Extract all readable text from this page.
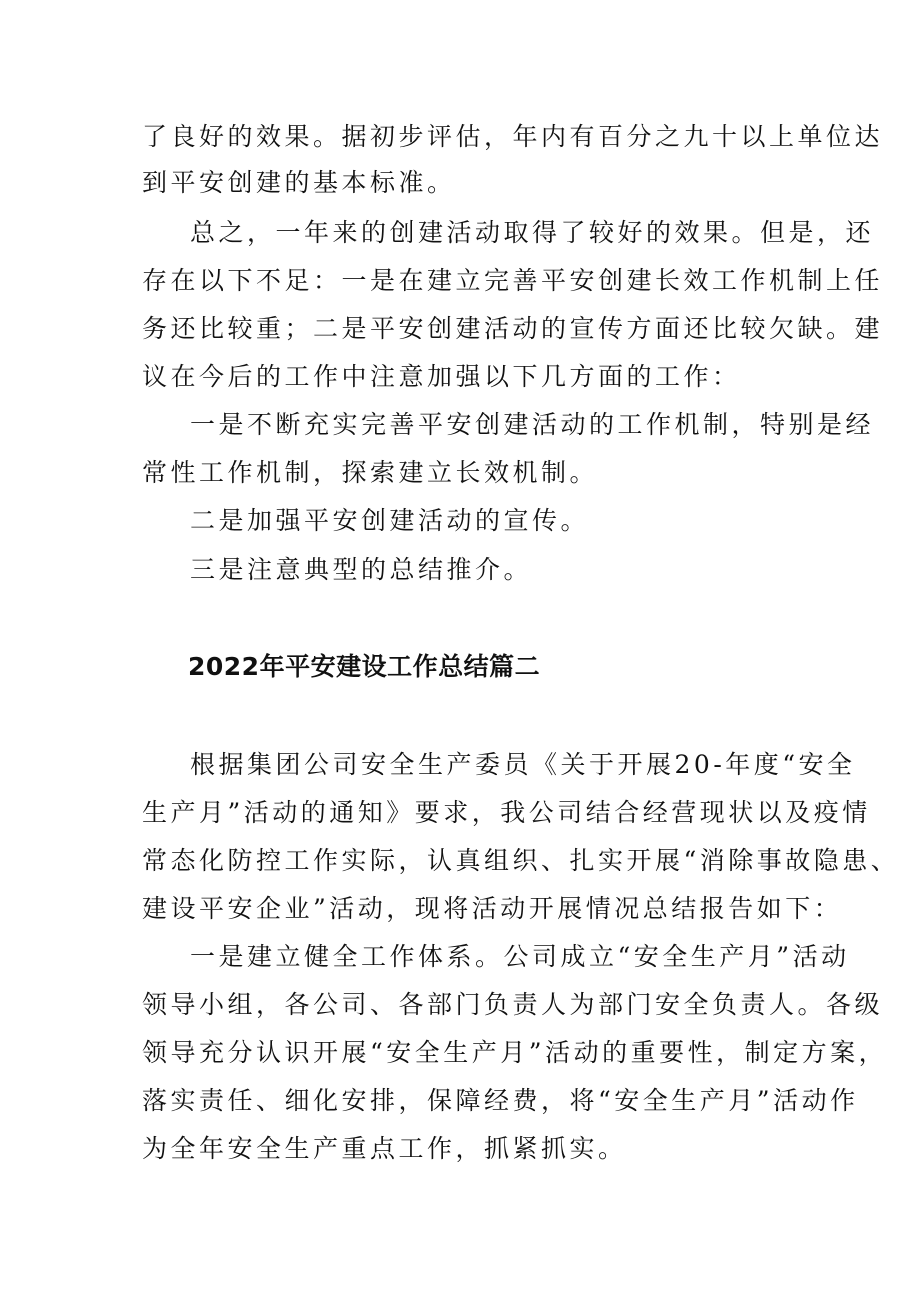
了良好的效果。据初步评估，年内有百分之九十以上单位达
到平安创建的基本标准。
总之，一年来的创建活动取得了较好的效果。但是，还
存在以下不足：一是在建立完善平安创建长效工作机制上任
务还比较重；二是平安创建活动的宣传方面还比较欠缺。建
议在今后的工作中注意加强以下几方面的工作：
一是不断充实完善平安创建活动的工作机制，特别是经
常性工作机制，探索建立长效机制。
二是加强平安创建活动的宣传。
三是注意典型的总结推介。
2022年平安建设工作总结篇二
根据集团公司安全生产委员《关于开展20-年度“安全
生产月”活动的通知》要求，我公司结合经营现状以及疫情
常态化防控工作实际，认真组织、扎实开展“消除事故隐患、
建设平安企业”活动，现将活动开展情况总结报告如下：
一是建立健全工作体系。公司成立“安全生产月”活动
领导小组，各公司、各部门负责人为部门安全负责人。各级
领导充分认识开展“安全生产月”活动的重要性，制定方案，
落实责任、细化安排，保障经费，将“安全生产月”活动作
为全年安全生产重点工作，抓紧抓实。
